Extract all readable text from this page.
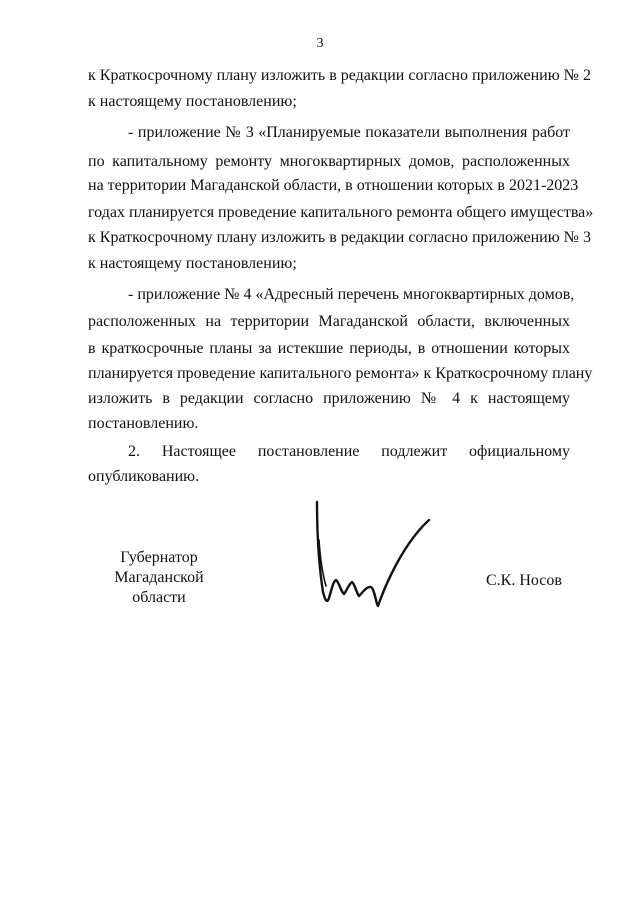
3
к Краткосрочному плану изложить в редакции согласно приложению № 2
к настоящему постановлению;
- приложение № 3 «Планируемые показатели выполнения работ
по капитальному ремонту многоквартирных домов, расположенных
на территории Магаданской области, в отношении которых в 2021-2023
годах планируется проведение капитального ремонта общего имущества»
к Краткосрочному плану изложить в редакции согласно приложению № 3
к настоящему постановлению;
- приложение № 4 «Адресный перечень многоквартирных домов,
расположенных на территории Магаданской области, включенных
в краткосрочные планы за истекшие периоды, в отношении которых
планируется проведение капитального ремонта» к Краткосрочному плану
изложить в редакции согласно приложению № 4 к настоящему
постановлению.
2. Настоящее постановление подлежит официальному
опубликованию.
Губернатор
Магаданской области
С.К. Носов
